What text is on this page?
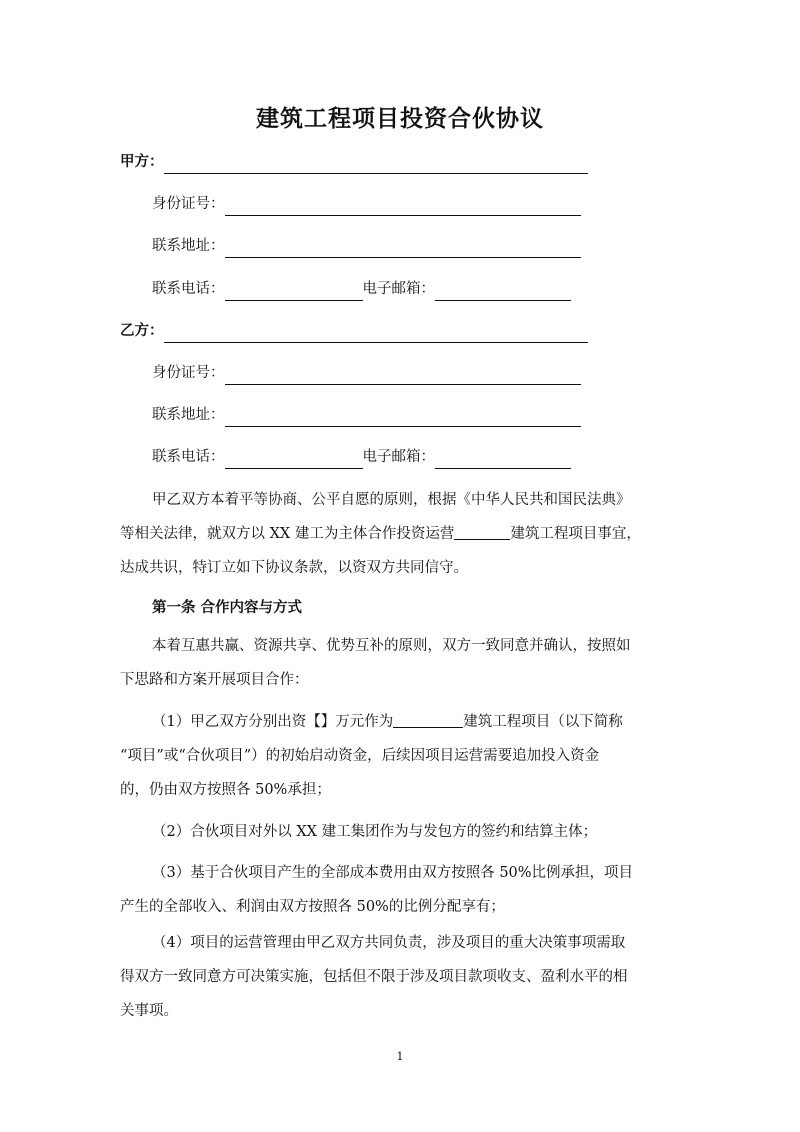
建筑工程项目投资合伙协议
甲方：
身份证号：
联系地址：
联系电话：	电子邮箱：
乙方：
身份证号：
联系地址：
联系电话：	电子邮箱：
甲乙双方本着平等协商、公平自愿的原则，根据《中华人民共和国民法典》
等相关法律，就双方以 XX 建工为主体合作投资运营	建筑工程项目事宜，
达成共识，特订立如下协议条款，以资双方共同信守。
第一条 合作内容与方式
本着互惠共赢、资源共享、优势互补的原则，双方一致同意并确认，按照如
下思路和方案开展项目合作：
（1）甲乙双方分别出资【】万元作为	建筑工程项目（以下简称
“项目”或“合伙项目”）的初始启动资金，后续因项目运营需要追加投入资金
的，仍由双方按照各 50%承担；
（2）合伙项目对外以 XX 建工集团作为与发包方的签约和结算主体；
（3）基于合伙项目产生的全部成本费用由双方按照各 50%比例承担，项目
产生的全部收入、利润由双方按照各 50%的比例分配享有；
（4）项目的运营管理由甲乙双方共同负责，涉及项目的重大决策事项需取
得双方一致同意方可决策实施，包括但不限于涉及项目款项收支、盈利水平的相
关事项。
1
